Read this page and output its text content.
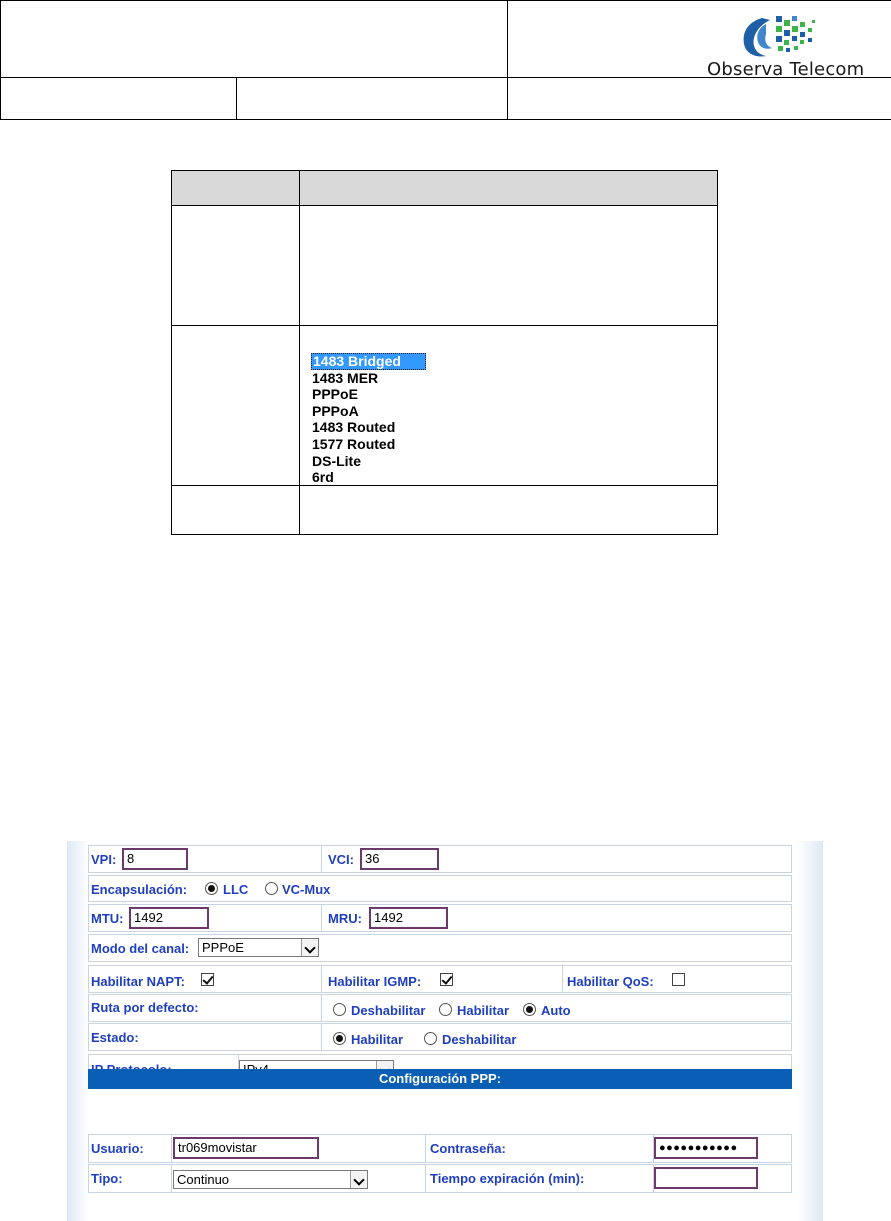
Observa Telecom
1483 Bridged
1483 MER
PPPoE
PPPoA
1483 Routed
1577 Routed
DS-Lite
6rd
VPI: 8	VCI: 36
Encapsulación:	LLC	VC-Mux
MTU: 1492	MRU: 1492
Modo del canal: PPPoE
Habilitar NAPT:	Habilitar IGMP:	Habilitar QoS:
Ruta por defecto:	Deshabilitar Habilitar Auto
Estado:	Habilitar	Deshabilitar
Configuración PPP:
Usuario:	tr069movistar	Contraseña:	●●●●●●●●●●●
Tipo:	Continuo	Tiempo expiración (min):
